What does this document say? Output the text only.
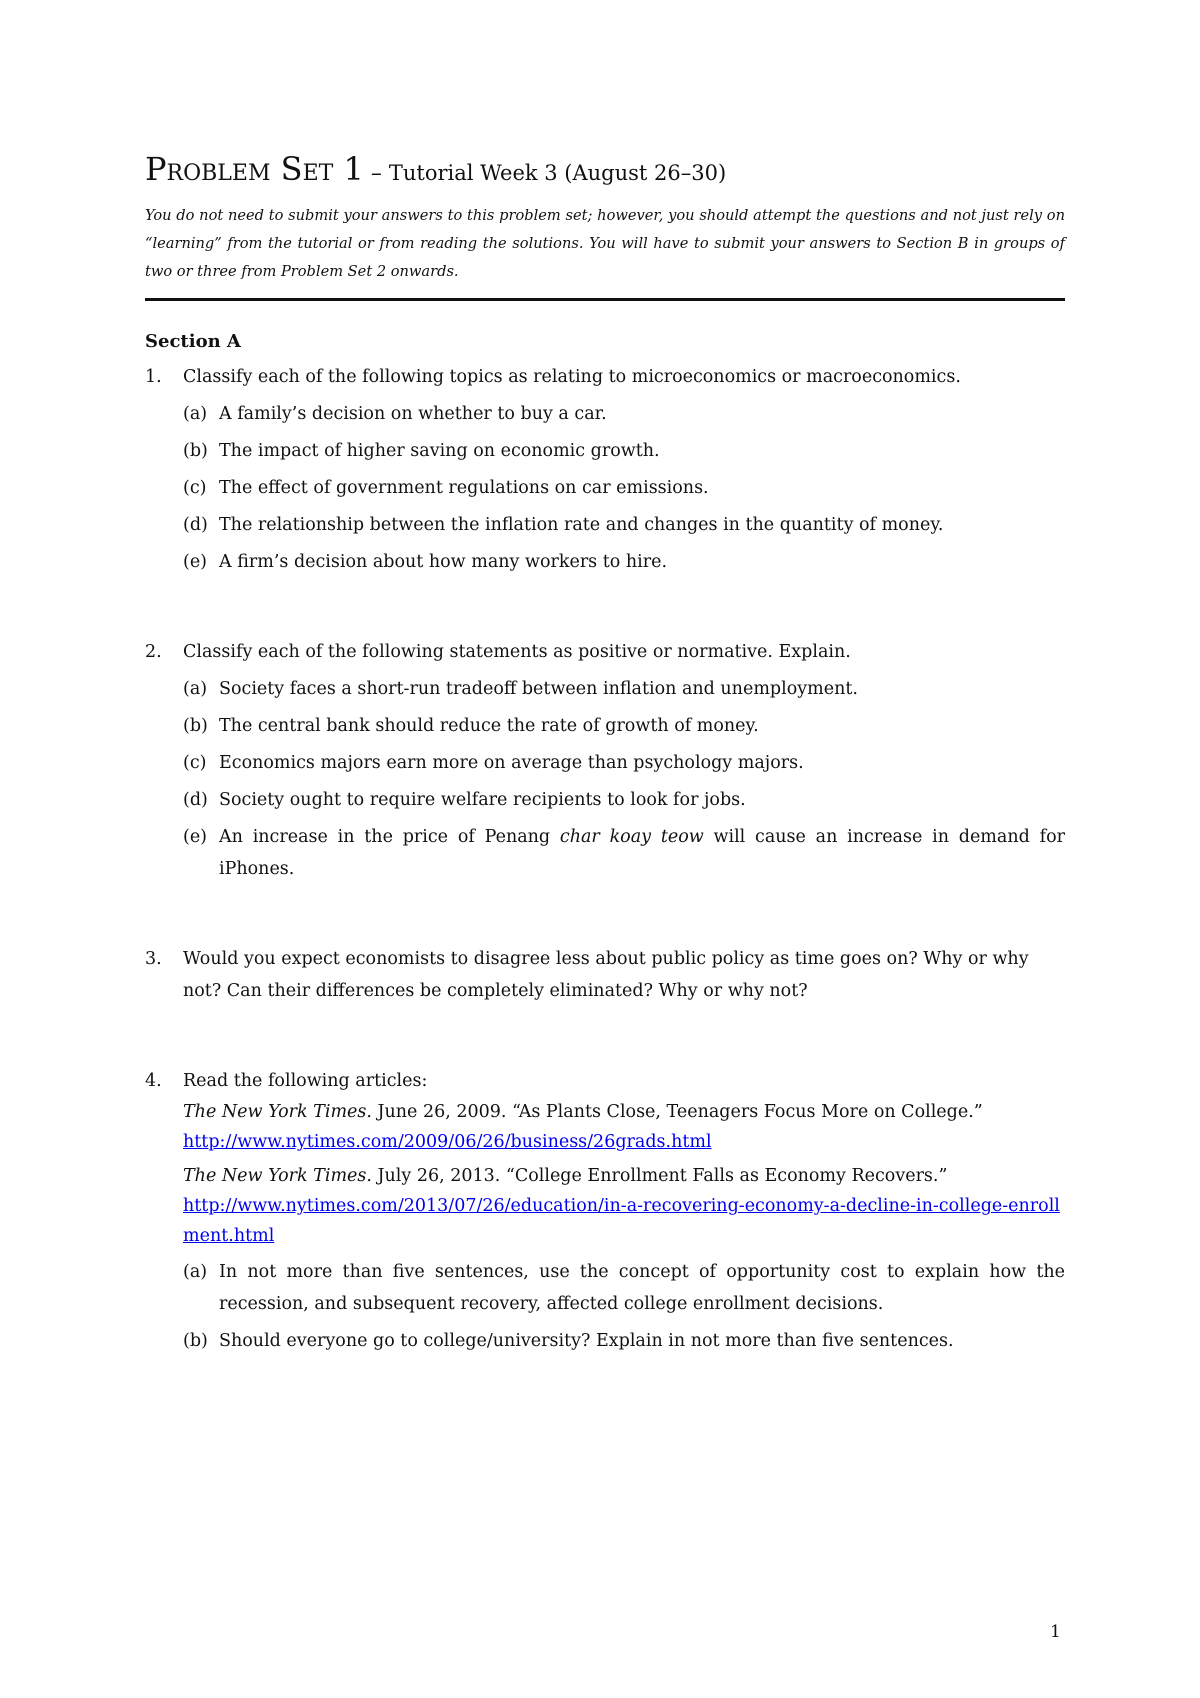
Problem Set 1 – Tutorial Week 3 (August 26–30)
You do not need to submit your answers to this problem set; however, you should attempt the questions and not just rely on “learning” from the tutorial or from reading the solutions. You will have to submit your answers to Section B in groups of two or three from Problem Set 2 onwards.
Section A
1. Classify each of the following topics as relating to microeconomics or macroeconomics.
(a) A family’s decision on whether to buy a car.
(b) The impact of higher saving on economic growth.
(c) The effect of government regulations on car emissions.
(d) The relationship between the inflation rate and changes in the quantity of money.
(e) A firm’s decision about how many workers to hire.
2. Classify each of the following statements as positive or normative. Explain.
(a) Society faces a short-run tradeoff between inflation and unemployment.
(b) The central bank should reduce the rate of growth of money.
(c) Economics majors earn more on average than psychology majors.
(d) Society ought to require welfare recipients to look for jobs.
(e) An increase in the price of Penang char koay teow will cause an increase in demand for iPhones.
3. Would you expect economists to disagree less about public policy as time goes on? Why or why not? Can their differences be completely eliminated? Why or why not?
4. Read the following articles:
The New York Times. June 26, 2009. “As Plants Close, Teenagers Focus More on College.”
http://www.nytimes.com/2009/06/26/business/26grads.html
The New York Times. July 26, 2013. “College Enrollment Falls as Economy Recovers.”
http://www.nytimes.com/2013/07/26/education/in-a-recovering-economy-a-decline-in-college-enrollment.html
(a) In not more than five sentences, use the concept of opportunity cost to explain how the recession, and subsequent recovery, affected college enrollment decisions.
(b) Should everyone go to college/university? Explain in not more than five sentences.
1
